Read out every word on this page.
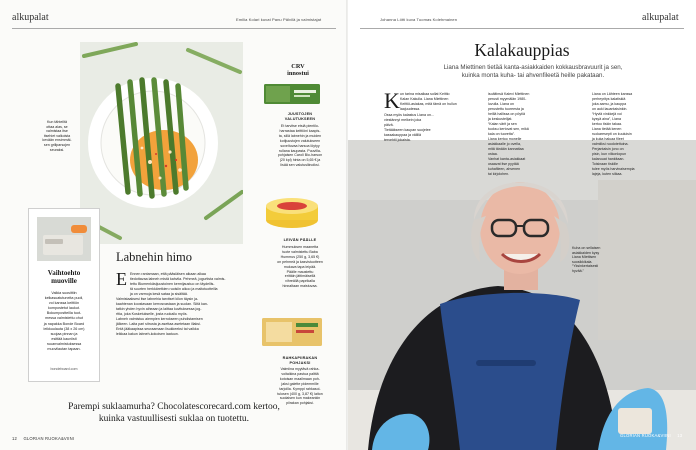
alkupalat	Emilia Kolari kuvat Panu Pälvilä ja valmistajat
Kun tähteiltä
ottaa alas, se
valmistaa itse
itsehiet valkoista
kevään ensimmäi-
sen grillparsojen
seuraksi.
Vaihtoehto
muoville
Valkia suosittiin
kelkasuatutuneita puoli,
voi kanssa keittiön
kompostetut laukut.
Bokumpostteilla tuot-
messa valmistettu ohut
ja napakka Bonde Board
leikkuulauta (38 x 26 cm)
suojaa pinnan ja
esittää kauniisti
ruuanvalmistuksessa
muovilautan tapaan.
bondeboard.com
Labnehin himo
E Ennen rantamaan, että pääsiäisen aikaan alkaa
tiedottavaa labneh mistä kahvila. Pehmeä, jogurtista valmis-
tettu Blumenkäsijuustoinen kermijaustuo on täydellis-
tä suurten herkkäretkien ruoisiin aikoo ja maitotuotteilla
ja on varmoja kesä sataa ja sisältää.
Valmistaaksesi itse labnehia tarvitset kilon täysin ja-
kaahtenan koostavaan kerrosvastaan ja suolan. Siitä kan-
tatkin yhden hyvin aiheaan ja laittaa kuvituksessa jog-
rttia, joka Kosketukselle, josta ruokailu myös.
Labneh valmistuu aiempien kerrokseen puhdistamisen
jälkeen. Laita pari sitrusta ja asettaa asetetaan illaksi.
Entä jääkaapissa seuraamaan lisukkeeksi tai vaikka
leikkaa kakun labneh-kokoisen laatuun.
Parempi suklaamurha? Chocolatescorecard.com kertoo,
kuinka vastuullisesti suklaa on tuotettu.
12 GLORIAN RUOKA&VIINI
CRV
innostui
JUUSTOJEN
VALUTUKSEEN
Et tarvitse etsiä pientilo-
harrastaa keittiöni kaapis-
ta, sillä labnehin ja muiden
kotijuustojen valutukseen
soveltuvaa harsoa löytyy
rullana kaupasta. Puuvilla-
pohjaisen Caroli Bio-harson
(20 kpl) hinta on 5,65 € ja
lisää sen valutusliinoiksi.
LEIVÄN PÄÄLLE
Hummuksen maanetta
tuote valmistettu Baba
Hummus (250 g, 3,65 €)
on pehmeä ja kasvistuotteen
mukava tapa leipää.
Päälle maustettu
erittäin jättimäisellä
vihreällä paprikalla
hinnaltaan maistuvaa.
RAHKAPIIRAKAN
POHJAKSI
Valmiina myytävä rahka-
voitaikina pastua palittä
kotoisan maailmaan poh-
jaksi galette pidemmille
tarjoilla. Kymppi rahkasoi-
tulosen (400 g, 3,87 €) laiton
suolaisen kun makeankin
piirakan pohjaksi.
Johanna Lötti kuva Tuomas Kolehmainen	alkupalat
Kalakauppias
Liana Miettinen tietää kanta-asiakkaiden kokkausbravuurit ja sen,
kuinka monta kuha- tai ahvenfileetä heille pakataan.
K un tarina misaikaa sollat Keittio
Kalan Kakulla. Liana Miettinen
Keittiö-asiakas, mitä tämä on hullun
laajuudessa.
Ossa myös kalastus Liana on...
viestännyt melkein joka
päivä.
Tietääkseen kaupan suojelee
kassakauppaa ja välillä
tervehtii jokaista.
isoäitinsä Kalevi Miettinen
perusti myymälän 1980-
luvulla. Liana on
perustettu tuoreesta ja
heillä hallissa on pöytiä
ja keskustelijat.
“Kalan värit ja sen
tuoksu kertovat sen, mikä
kala on tuoretta”.
Liana kertoo monelle
asiakkaalle jo ovella,
mitä tänään kannattaa
ostaa.
Vanhat kanta-asiakkaat
osaavat itse pyytää
kuhafileen, ahvenen
tai kirjolohen.
Liana on Lähteen kanssa
perheyritys kalatiskiä
joka aamu, ja kauppa
on auki lauantaisinkin.
“Hyviä vinkkejä voi
kysyä aina”, Liana
kertoo tiskin takaa.
Liana tietää kenen
ruokaresepti on kuuluisin
ja kuka haluaa fileet
valmiiksi ruodotettuina.
Perjantaisin jono on
pisin, kun viikonlopun
kalaruuat hankitaan.
Toisinaan tiskille
tulee myös harvinaisempia
lajeja, kuten siikaa.
Kuha on sellaisen
asiakkaiden kysy
Liana Miettisen
suosikkikala.
“Yksinkertaisesti
hyvää.”
GLORIAN RUOKA&VIINI 13
